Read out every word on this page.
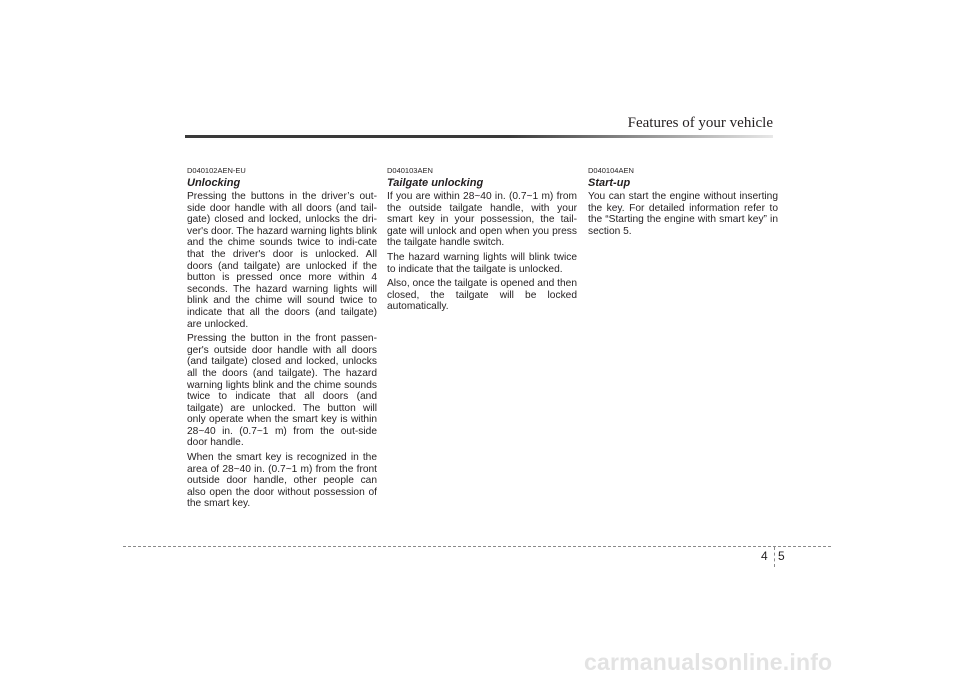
Features of your vehicle

D040102AEN-EU

Unlocking

Pressing the buttons in the driver’s out-side door handle with all doors (and tail-gate) closed and locked, unlocks the dri-ver's door. The hazard warning lights blink and the chime sounds twice to indi-cate that the driver's door is unlocked. All doors (and tailgate) are unlocked if the button is pressed once more within 4 seconds. The hazard warning lights will blink and the chime will sound twice to indicate that all the doors (and tailgate) are unlocked.

Pressing the button in the front passen-ger's outside door handle with all doors (and tailgate) closed and locked, unlocks all the doors (and tailgate). The hazard warning lights blink and the chime sounds twice to indicate that all doors (and tailgate) are unlocked. The button will only operate when the smart key is within 28~40 in. (0.7~1 m) from the out-side door handle.

When the smart key is recognized in the area of 28~40 in. (0.7~1 m) from the front outside door handle, other people can also open the door without possession of the smart key.

D040103AEN

Tailgate unlocking

If you are within 28~40 in. (0.7~1 m) from the outside tailgate handle, with your smart key in your possession, the tail-gate will unlock and open when you press the tailgate handle switch.

The hazard warning lights will blink twice to indicate that the tailgate is unlocked.

Also, once the tailgate is opened and then closed, the tailgate will be locked automatically.

D040104AEN

Start-up

You can start the engine without inserting the key. For detailed information refer to the “Starting the engine with smart key” in section 5.

4 5
carmanualsonline.info
